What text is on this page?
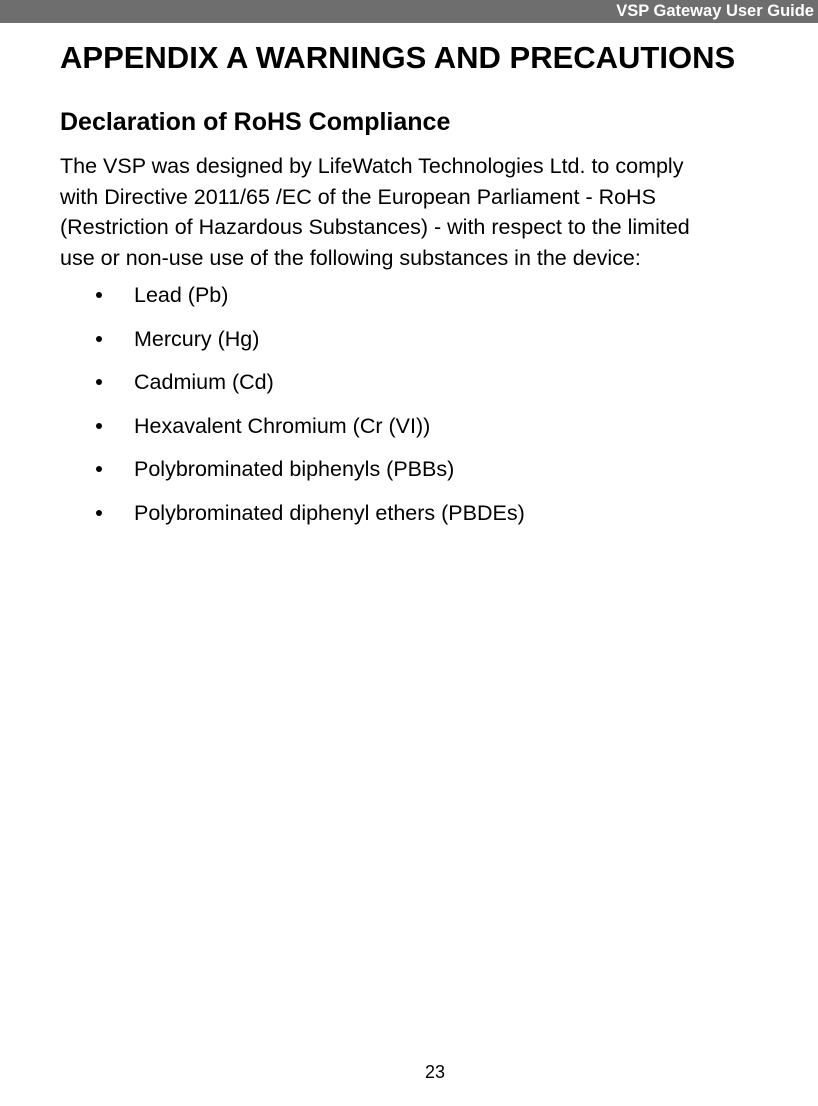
VSP Gateway User Guide
APPENDIX A WARNINGS AND PRECAUTIONS
Declaration of RoHS Compliance

The VSP was designed by LifeWatch Technologies Ltd. to comply
with Directive 2011/65 /EC of the European Parliament - RoHS
(Restriction of Hazardous Substances) - with respect to the limited
use or non-use use of the following substances in the device:

Lead (Pb)
Mercury (Hg)
Cadmium (Cd)
Hexavalent Chromium (Cr (VI))
Polybrominated biphenyls (PBBs)
Polybrominated diphenyl ethers (PBDEs)
23
